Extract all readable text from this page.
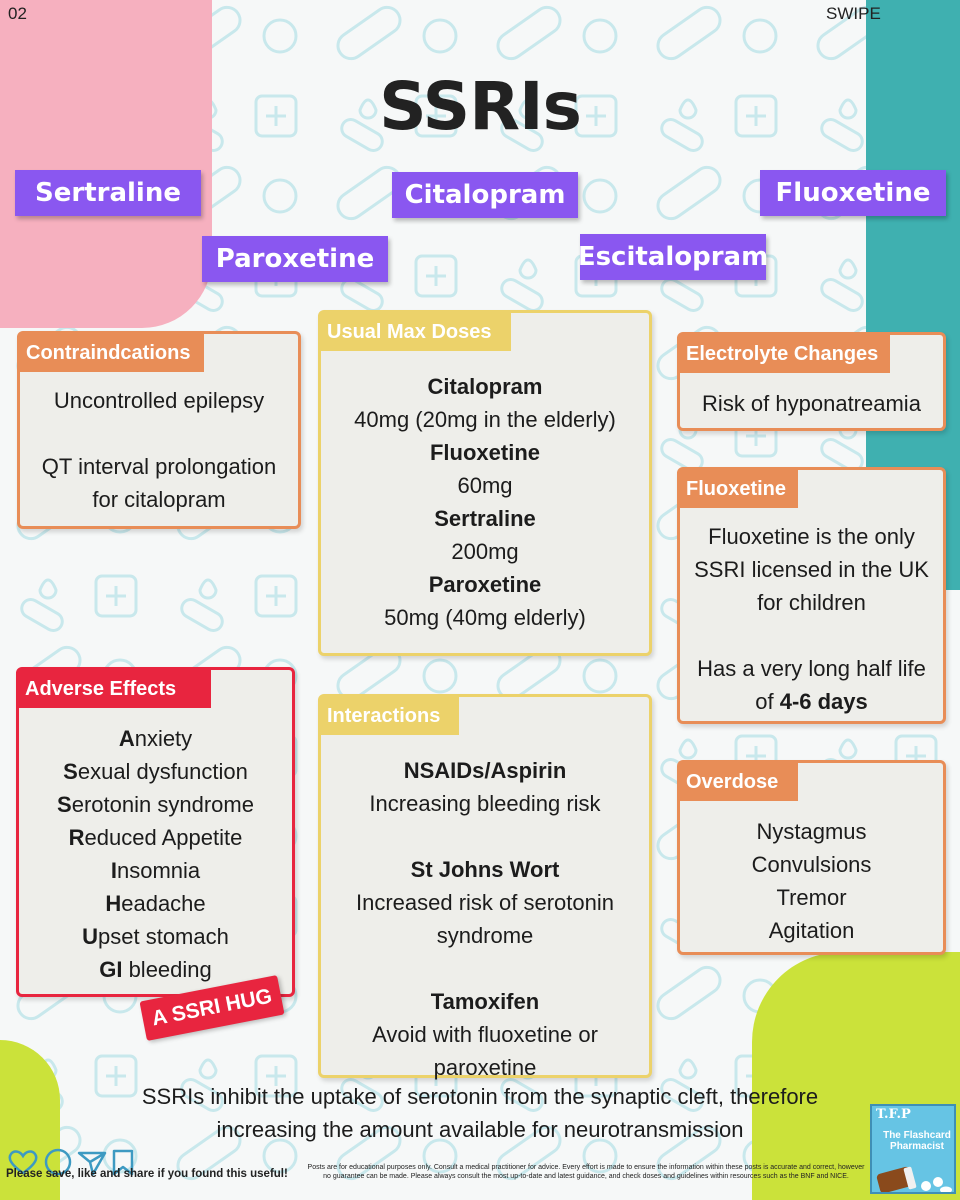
02	SWIPE
SSRIs
Sertraline	Citalopram	Fluoxetine
Paroxetine	Escitalopram
Contraindcations
Uncontrolled epilepsy
QT interval prolongation
for citalopram
Usual Max Doses
Citalopram
40mg (20mg in the elderly)
Fluoxetine
60mg
Sertraline
200mg
Paroxetine
50mg (40mg elderly)
Electrolyte Changes
Risk of hyponatreamia
Fluoxetine
Fluoxetine is the only
SSRI licensed in the UK
for children
Has a very long half life
of 4-6 days
Adverse Effects
Anxiety
Sexual dysfunction
Serotonin syndrome
Reduced Appetite
Insomnia
Headache
Upset stomach
GI bleeding
A SSRI HUG
Interactions
NSAIDs/Aspirin
Increasing bleeding risk
St Johns Wort
Increased risk of serotonin
syndrome
Tamoxifen
Avoid with fluoxetine or
paroxetine
Overdose
Nystagmus
Convulsions
Tremor
Agitation
SSRIs inhibit the uptake of serotonin from the synaptic cleft, therefore
increasing the amount available for neurotransmission
Please save, like and share if you found this useful!
Posts are for educational purposes only. Consult a medical practitioner for advice. Every effort is made to ensure the information within these posts is accurate and correct, however no guarantee can be made. Please always consult the most up-to-date and latest guidance, and check doses and guidelines within resources such as the BNF and NICE.
T.F.P
The Flashcard Pharmacist
